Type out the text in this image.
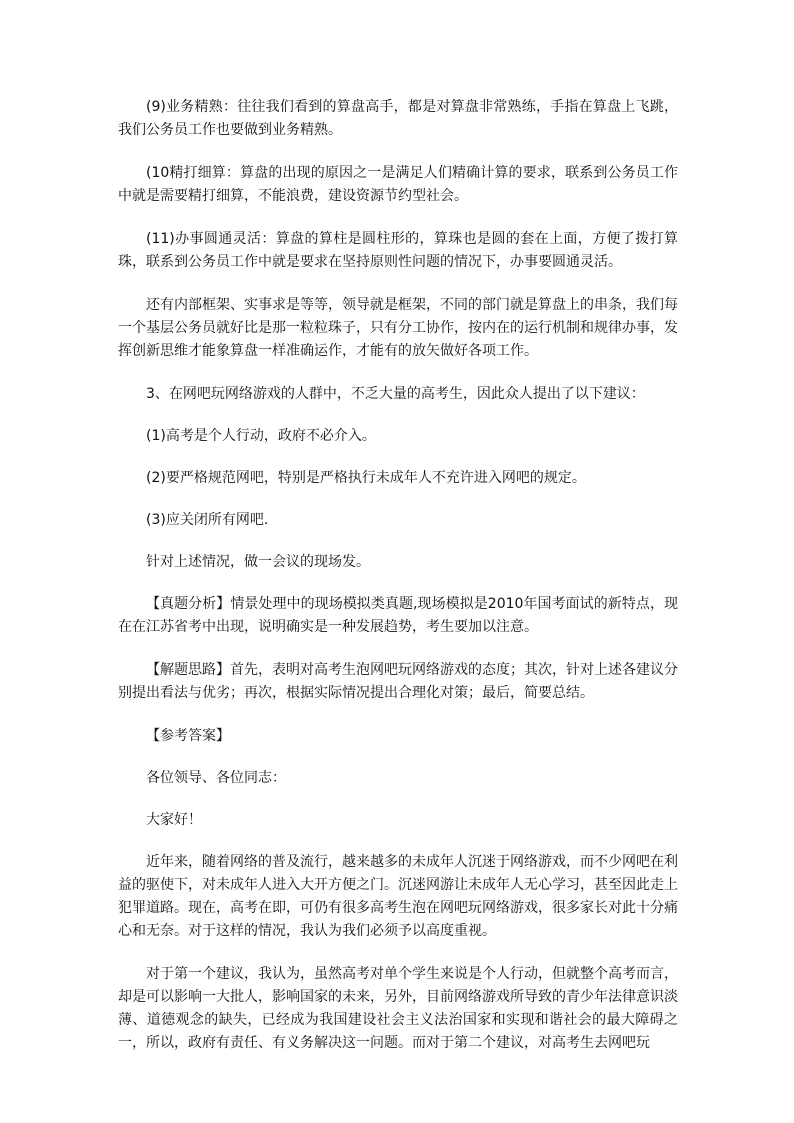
(9)业务精熟：往往我们看到的算盘高手，都是对算盘非常熟练，手指在算盘上飞跳，我们公务员工作也要做到业务精熟。

(10精打细算：算盘的出现的原因之一是满足人们精确计算的要求，联系到公务员工作中就是需要精打细算，不能浪费，建设资源节约型社会。

(11)办事圆通灵活：算盘的算柱是圆柱形的，算珠也是圆的套在上面，方便了拨打算珠，联系到公务员工作中就是要求在坚持原则性问题的情况下，办事要圆通灵活。

还有内部框架、实事求是等等，领导就是框架，不同的部门就是算盘上的串条，我们每一个基层公务员就好比是那一粒粒珠子，只有分工协作，按内在的运行机制和规律办事，发挥创新思维才能象算盘一样准确运作，才能有的放矢做好各项工作。

3、在网吧玩网络游戏的人群中，不乏大量的高考生，因此众人提出了以下建议：

(1)高考是个人行动，政府不必介入。

(2)要严格规范网吧，特别是严格执行未成年人不充许进入网吧的规定。

(3)应关闭所有网吧.

针对上述情况，做一会议的现场发。

【真题分析】情景处理中的现场模拟类真题,现场模拟是2010年国考面试的新特点，现在在江苏省考中出现，说明确实是一种发展趋势，考生要加以注意。

【解题思路】首先，表明对高考生泡网吧玩网络游戏的态度；其次，针对上述各建议分别提出看法与优劣；再次，根据实际情况提出合理化对策；最后，简要总结。

【参考答案】

各位领导、各位同志：

大家好！

近年来，随着网络的普及流行，越来越多的未成年人沉迷于网络游戏，而不少网吧在利益的驱使下，对未成年人进入大开方便之门。沉迷网游让未成年人无心学习，甚至因此走上犯罪道路。现在，高考在即，可仍有很多高考生泡在网吧玩网络游戏，很多家长对此十分痛心和无奈。对于这样的情况，我认为我们必须予以高度重视。

对于第一个建议，我认为，虽然高考对单个学生来说是个人行动，但就整个高考而言，却是可以影响一大批人，影响国家的未来，另外，目前网络游戏所导致的青少年法律意识淡薄、道德观念的缺失，已经成为我国建设社会主义法治国家和实现和谐社会的最大障碍之一，所以，政府有责任、有义务解决这一问题。而对于第二个建议，对高考生去网吧玩
